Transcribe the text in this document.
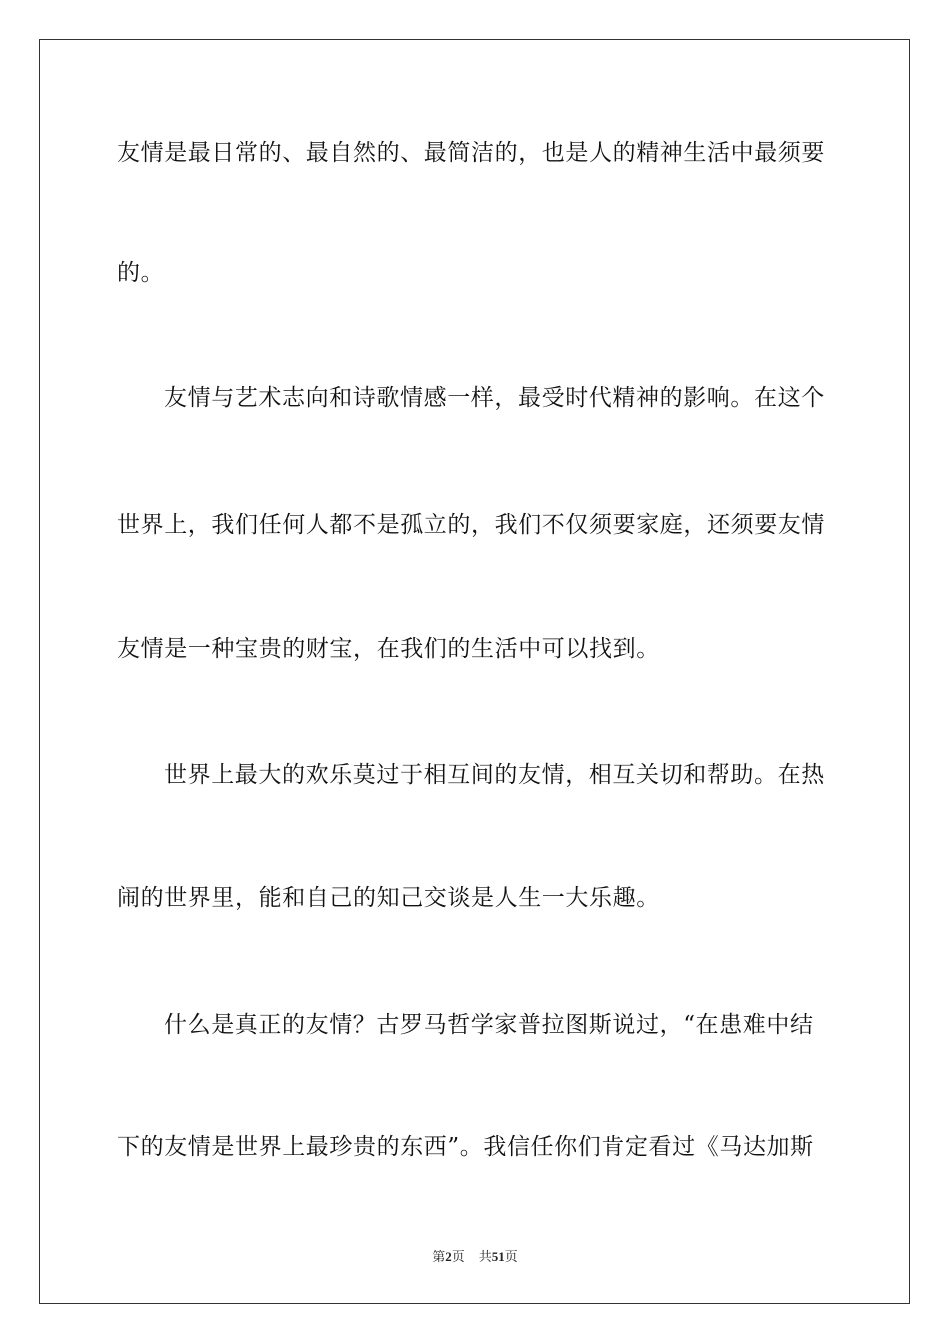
友情是最日常的、最自然的、最简洁的，也是人的精神生活中最须要
的。
友情与艺术志向和诗歌情感一样，最受时代精神的影响。在这个
世界上，我们任何人都不是孤立的，我们不仅须要家庭，还须要友情
友情是一种宝贵的财宝，在我们的生活中可以找到。
世界上最大的欢乐莫过于相互间的友情，相互关切和帮助。在热
闹的世界里，能和自己的知己交谈是人生一大乐趣。
什么是真正的友情？古罗马哲学家普拉图斯说过，“在患难中结
下的友情是世界上最珍贵的东西”。我信任你们肯定看过《马达加斯
第2页 共51页
